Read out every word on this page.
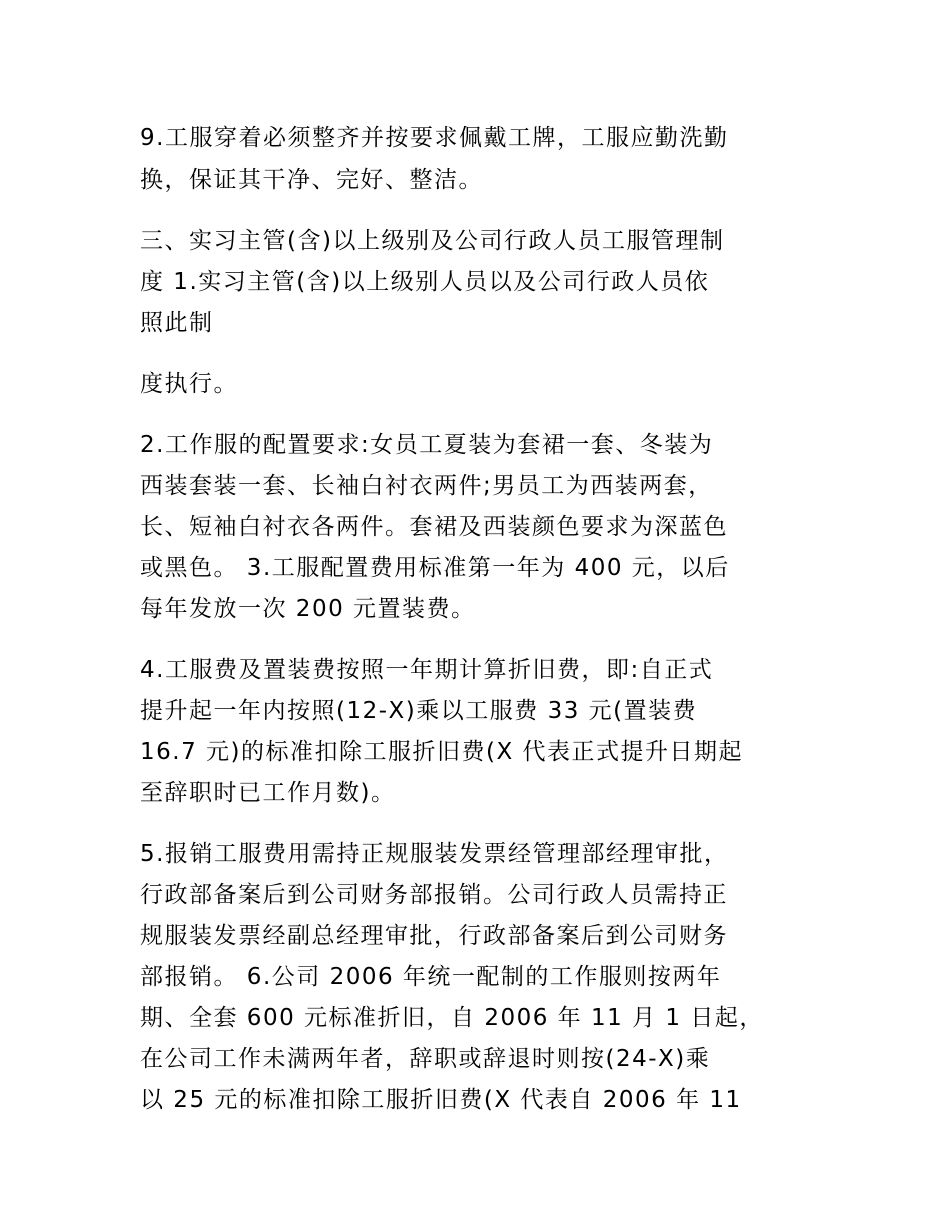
9.工服穿着必须整齐并按要求佩戴工牌，工服应勤洗勤
换，保证其干净、完好、整洁。
三、实习主管(含)以上级别及公司行政人员工服管理制
度 1.实习主管(含)以上级别人员以及公司行政人员依
照此制
度执行。
2.工作服的配置要求:女员工夏装为套裙一套、冬装为
西装套装一套、长袖白衬衣两件;男员工为西装两套，
长、短袖白衬衣各两件。套裙及西装颜色要求为深蓝色
或黑色。 3.工服配置费用标准第一年为 400 元，以后
每年发放一次 200 元置装费。
4.工服费及置装费按照一年期计算折旧费，即:自正式
提升起一年内按照(12-X)乘以工服费 33 元(置装费
16.7 元)的标准扣除工服折旧费(X 代表正式提升日期起
至辞职时已工作月数)。
5.报销工服费用需持正规服装发票经管理部经理审批，
行政部备案后到公司财务部报销。公司行政人员需持正
规服装发票经副总经理审批，行政部备案后到公司财务
部报销。 6.公司 2006 年统一配制的工作服则按两年
期、全套 600 元标准折旧，自 2006 年 11 月 1 日起，
在公司工作未满两年者，辞职或辞退时则按(24-X)乘
以 25 元的标准扣除工服折旧费(X 代表自 2006 年 11
